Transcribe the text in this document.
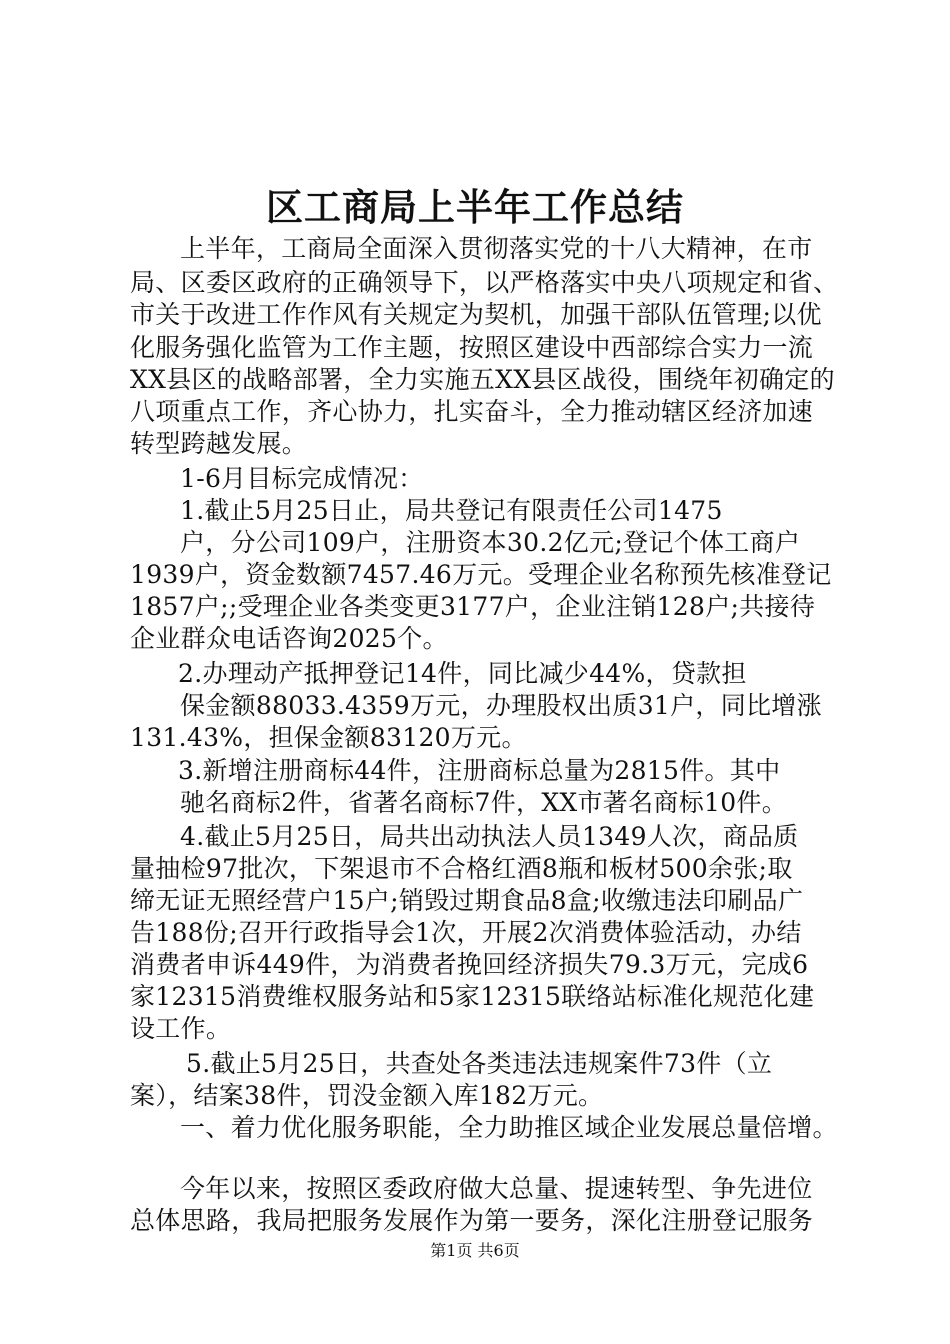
区工商局上半年工作总结
上半年，工商局全面深入贯彻落实党的十八大精神，在市
局、区委区政府的正确领导下，以严格落实中央八项规定和省、
市关于改进工作作风有关规定为契机，加强干部队伍管理;以优
化服务强化监管为工作主题，按照区建设中西部综合实力一流
XX县区的战略部署，全力实施五XX县区战役，围绕年初确定的
八项重点工作，齐心协力，扎实奋斗，全力推动辖区经济加速
转型跨越发展。
1-6月目标完成情况：
1.截止5月25日止，局共登记有限责任公司1475
户，分公司109户，注册资本30.2亿元;登记个体工商户
1939户，资金数额7457.46万元。受理企业名称预先核准登记
1857户;;受理企业各类变更3177户，企业注销128户;共接待
企业群众电话咨询2025个。
2.办理动产抵押登记14件，同比减少44%，贷款担
保金额88033.4359万元，办理股权出质31户，同比增涨
131.43%，担保金额83120万元。
3.新增注册商标44件，注册商标总量为2815件。其中
驰名商标2件，省著名商标7件，XX市著名商标10件。
4.截止5月25日，局共出动执法人员1349人次，商品质
量抽检97批次，下架退市不合格红酒8瓶和板材500余张;取
缔无证无照经营户15户;销毁过期食品8盒;收缴违法印刷品广
告188份;召开行政指导会1次，开展2次消费体验活动，办结
消费者申诉449件，为消费者挽回经济损失79.3万元，完成6
家12315消费维权服务站和5家12315联络站标准化规范化建
设工作。
5.截止5月25日，共查处各类违法违规案件73件（立
案），结案38件，罚没金额入库182万元。
一、着力优化服务职能，全力助推区域企业发展总量倍增。
今年以来，按照区委政府做大总量、提速转型、争先进位
总体思路，我局把服务发展作为第一要务，深化注册登记服务
第1页 共6页
